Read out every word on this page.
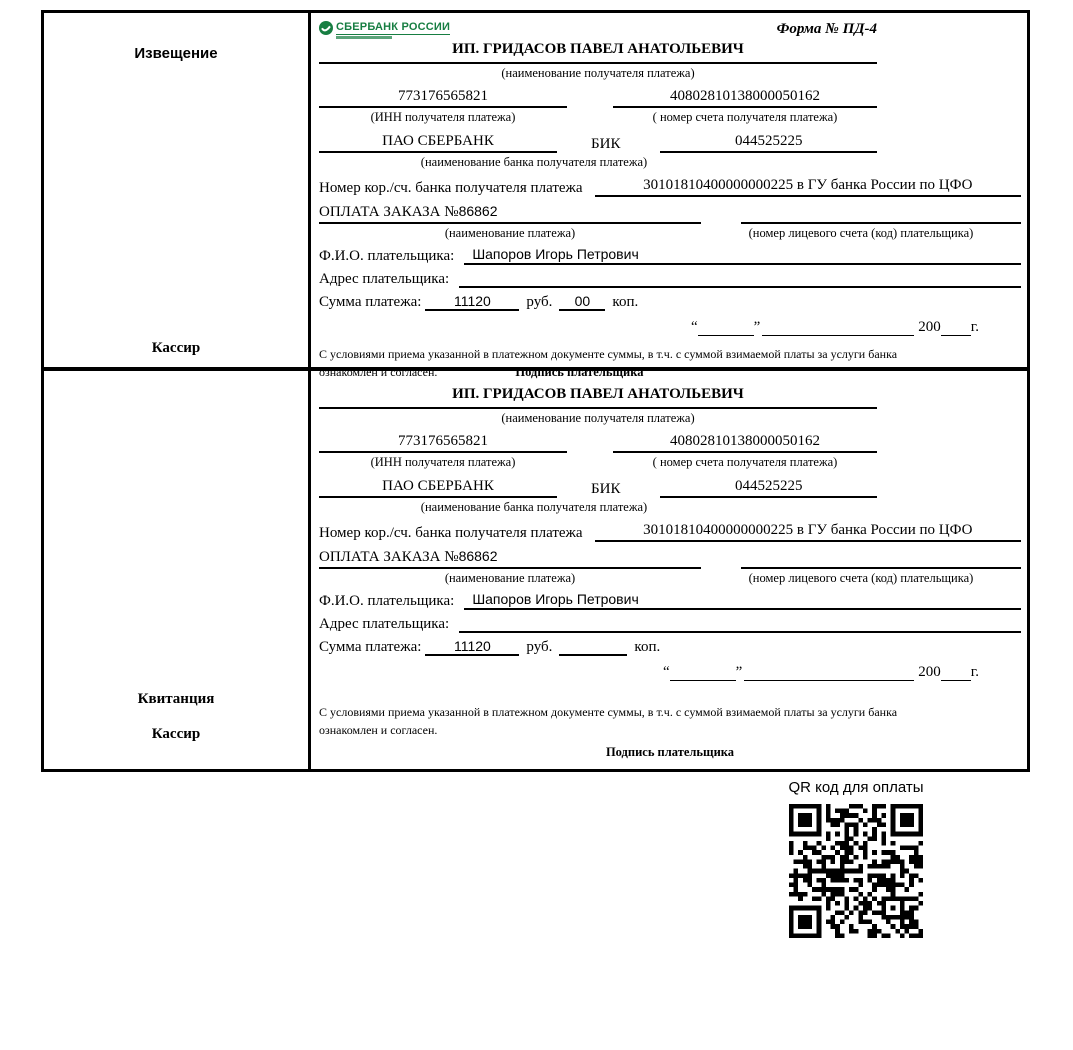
Извещение
Кассир
СБЕРБАНК РОССИИ	Форма № ПД-4
ИП. ГРИДАСОВ ПАВЕЛ АНАТОЛЬЕВИЧ
(наименование получателя платежа)
773176565821	40802810138000050162
(ИНН получателя платежа)	( номер счета получателя платежа)
ПАО СБЕРБАНК	БИК	044525225
(наименование банка получателя платежа)
Номер кор./сч. банка получателя платежа	30101810400000000225 в ГУ банка России по ЦФО
ОПЛАТА ЗАКАЗА №86862
(наименование платежа)	(номер лицевого счета (код) плательщика)
Ф.И.О. плательщика:	Шапоров Игорь Петрович
Адрес плательщика:
Сумма платежа:	11120	руб.	00	коп.
“	”	200 г.
С условиями приема указанной в платежном документе суммы, в т.ч. с суммой взимаемой платы за услуги банка
ознакомлен и согласен.	Подпись плательщика
Квитанция
Кассир
ИП. ГРИДАСОВ ПАВЕЛ АНАТОЛЬЕВИЧ
(наименование получателя платежа)
773176565821	40802810138000050162
(ИНН получателя платежа)	( номер счета получателя платежа)
ПАО СБЕРБАНК	БИК	044525225
(наименование банка получателя платежа)
Номер кор./сч. банка получателя платежа	30101810400000000225 в ГУ банка России по ЦФО
ОПЛАТА ЗАКАЗА №86862
(наименование платежа)	(номер лицевого счета (код) плательщика)
Ф.И.О. плательщика:	Шапоров Игорь Петрович
Адрес плательщика:
Сумма платежа:	11120	руб.	коп.
“	”	200 г.
С условиями приема указанной в платежном документе суммы, в т.ч. с суммой взимаемой платы за услуги банка
ознакомлен и согласен.
Подпись плательщика
QR код для оплаты
